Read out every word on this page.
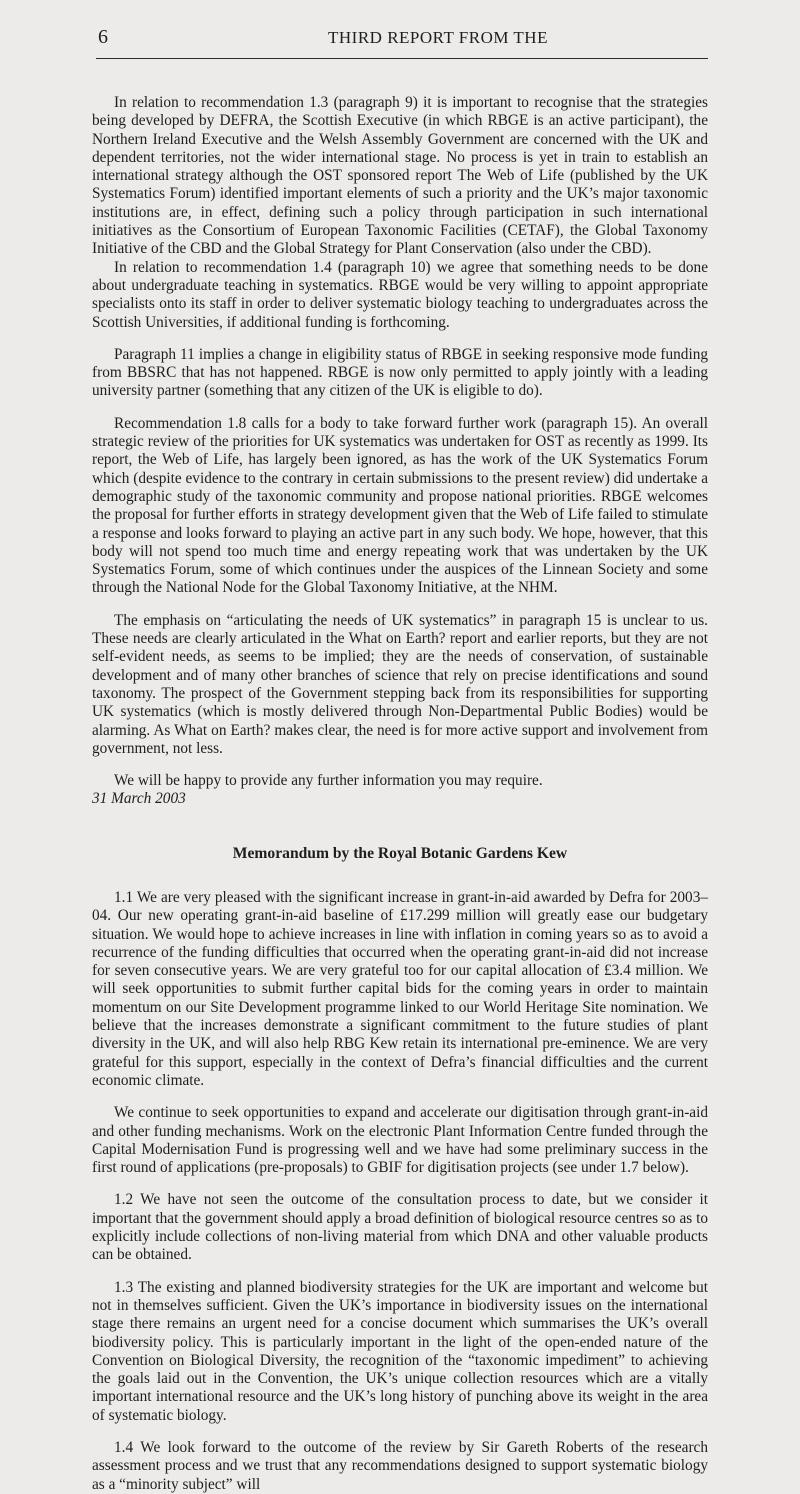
6	THIRD REPORT FROM THE

In relation to recommendation 1.3 (paragraph 9) it is important to recognise that the strategies being developed by DEFRA, the Scottish Executive (in which RBGE is an active participant), the Northern Ireland Executive and the Welsh Assembly Government are concerned with the UK and dependent territories, not the wider international stage. No process is yet in train to establish an international strategy although the OST sponsored report The Web of Life (published by the UK Systematics Forum) identified important elements of such a priority and the UK’s major taxonomic institutions are, in effect, defining such a policy through participation in such international initiatives as the Consortium of European Taxonomic Facilities (CETAF), the Global Taxonomy Initiative of the CBD and the Global Strategy for Plant Conservation (also under the CBD).

In relation to recommendation 1.4 (paragraph 10) we agree that something needs to be done about undergraduate teaching in systematics. RBGE would be very willing to appoint appropriate specialists onto its staff in order to deliver systematic biology teaching to undergraduates across the Scottish Universities, if additional funding is forthcoming.

Paragraph 11 implies a change in eligibility status of RBGE in seeking responsive mode funding from BBSRC that has not happened. RBGE is now only permitted to apply jointly with a leading university partner (something that any citizen of the UK is eligible to do).

Recommendation 1.8 calls for a body to take forward further work (paragraph 15). An overall strategic review of the priorities for UK systematics was undertaken for OST as recently as 1999. Its report, the Web of Life, has largely been ignored, as has the work of the UK Systematics Forum which (despite evidence to the contrary in certain submissions to the present review) did undertake a demographic study of the taxonomic community and propose national priorities. RBGE welcomes the proposal for further efforts in strategy development given that the Web of Life failed to stimulate a response and looks forward to playing an active part in any such body. We hope, however, that this body will not spend too much time and energy repeating work that was undertaken by the UK Systematics Forum, some of which continues under the auspices of the Linnean Society and some through the National Node for the Global Taxonomy Initiative, at the NHM.

The emphasis on “articulating the needs of UK systematics” in paragraph 15 is unclear to us. These needs are clearly articulated in the What on Earth? report and earlier reports, but they are not self-evident needs, as seems to be implied; they are the needs of conservation, of sustainable development and of many other branches of science that rely on precise identifications and sound taxonomy. The prospect of the Government stepping back from its responsibilities for supporting UK systematics (which is mostly delivered through Non-Departmental Public Bodies) would be alarming. As What on Earth? makes clear, the need is for more active support and involvement from government, not less.

We will be happy to provide any further information you may require.

31 March 2003

Memorandum by the Royal Botanic Gardens Kew

1.1 We are very pleased with the significant increase in grant-in-aid awarded by Defra for 2003–04. Our new operating grant-in-aid baseline of £17.299 million will greatly ease our budgetary situation. We would hope to achieve increases in line with inflation in coming years so as to avoid a recurrence of the funding difficulties that occurred when the operating grant-in-aid did not increase for seven consecutive years. We are very grateful too for our capital allocation of £3.4 million. We will seek opportunities to submit further capital bids for the coming years in order to maintain momentum on our Site Development programme linked to our World Heritage Site nomination. We believe that the increases demonstrate a significant commitment to the future studies of plant diversity in the UK, and will also help RBG Kew retain its international pre-eminence. We are very grateful for this support, especially in the context of Defra’s financial difficulties and the current economic climate.

We continue to seek opportunities to expand and accelerate our digitisation through grant-in-aid and other funding mechanisms. Work on the electronic Plant Information Centre funded through the Capital Modernisation Fund is progressing well and we have had some preliminary success in the first round of applications (pre-proposals) to GBIF for digitisation projects (see under 1.7 below).

1.2 We have not seen the outcome of the consultation process to date, but we consider it important that the government should apply a broad definition of biological resource centres so as to explicitly include collections of non-living material from which DNA and other valuable products can be obtained.

1.3 The existing and planned biodiversity strategies for the UK are important and welcome but not in themselves sufficient. Given the UK’s importance in biodiversity issues on the international stage there remains an urgent need for a concise document which summarises the UK’s overall biodiversity policy. This is particularly important in the light of the open-ended nature of the Convention on Biological Diversity, the recognition of the “taxonomic impediment” to achieving the goals laid out in the Convention, the UK’s unique collection resources which are a vitally important international resource and the UK’s long history of punching above its weight in the area of systematic biology.

1.4 We look forward to the outcome of the review by Sir Gareth Roberts of the research assessment process and we trust that any recommendations designed to support systematic biology as a “minority subject” will
